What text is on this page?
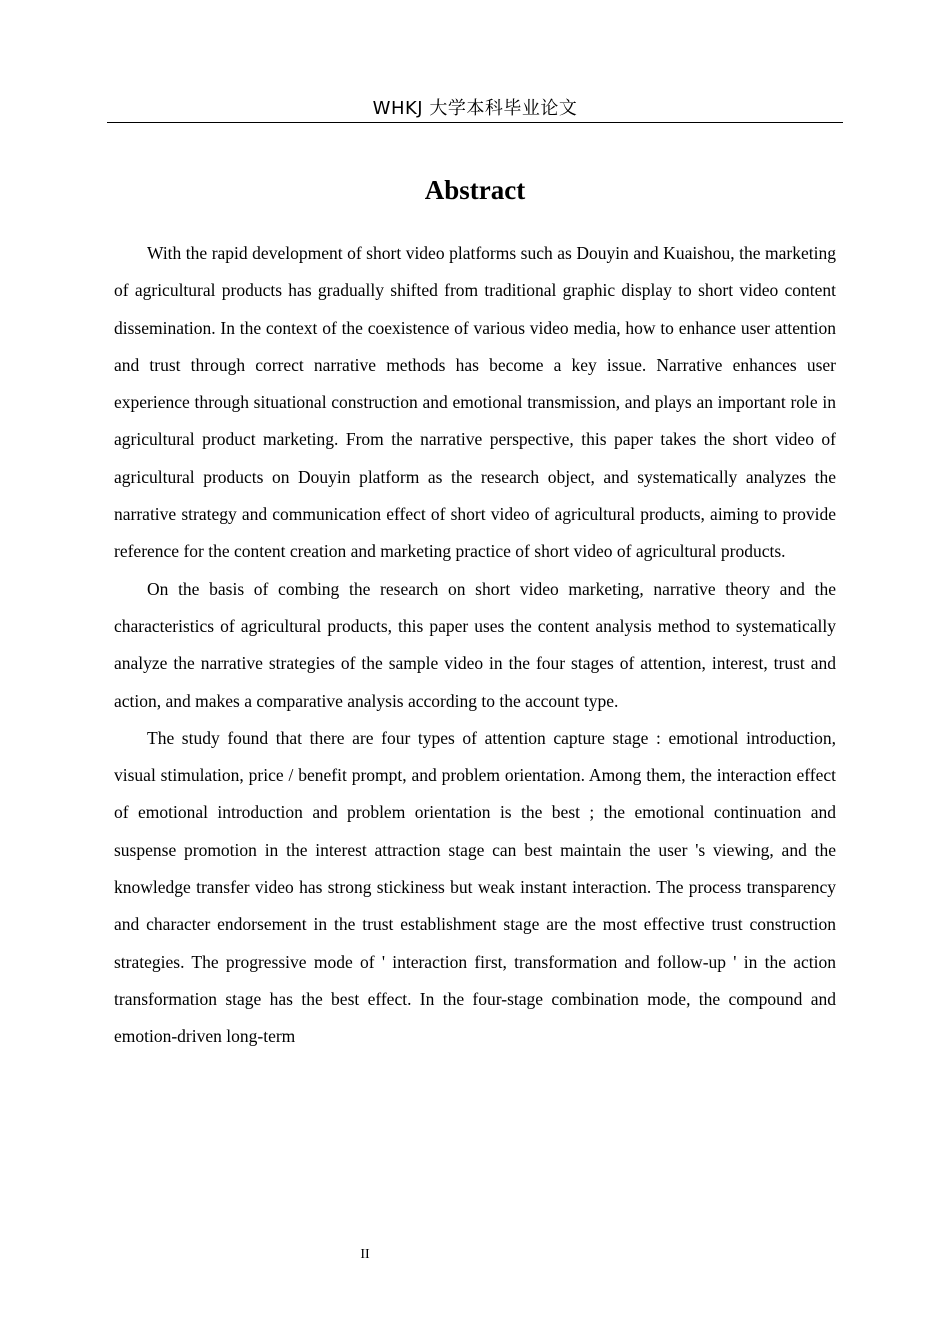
WHKJ 大学本科毕业论文
Abstract

With the rapid development of short video platforms such as Douyin and Kuaishou, the marketing of agricultural products has gradually shifted from traditional graphic display to short video content dissemination. In the context of the coexistence of various video media, how to enhance user attention and trust through correct narrative methods has become a key issue. Narrative enhances user experience through situational construction and emotional transmission, and plays an important role in agricultural product marketing. From the narrative perspective, this paper takes the short video of agricultural products on Douyin platform as the research object, and systematically analyzes the narrative strategy and communication effect of short video of agricultural products, aiming to provide reference for the content creation and marketing practice of short video of agricultural products.

On the basis of combing the research on short video marketing, narrative theory and the characteristics of agricultural products, this paper uses the content analysis method to systematically analyze the narrative strategies of the sample video in the four stages of attention, interest, trust and action, and makes a comparative analysis according to the account type.

The study found that there are four types of attention capture stage : emotional introduction, visual stimulation, price / benefit prompt, and problem orientation. Among them, the interaction effect of emotional introduction and problem orientation is the best ; the emotional continuation and suspense promotion in the interest attraction stage can best maintain the user 's viewing, and the knowledge transfer video has strong stickiness but weak instant interaction. The process transparency and character endorsement in the trust establishment stage are the most effective trust construction strategies. The progressive mode of ' interaction first, transformation and follow-up ' in the action transformation stage has the best effect. In the four-stage combination mode, the compound and emotion-driven long-term

II
